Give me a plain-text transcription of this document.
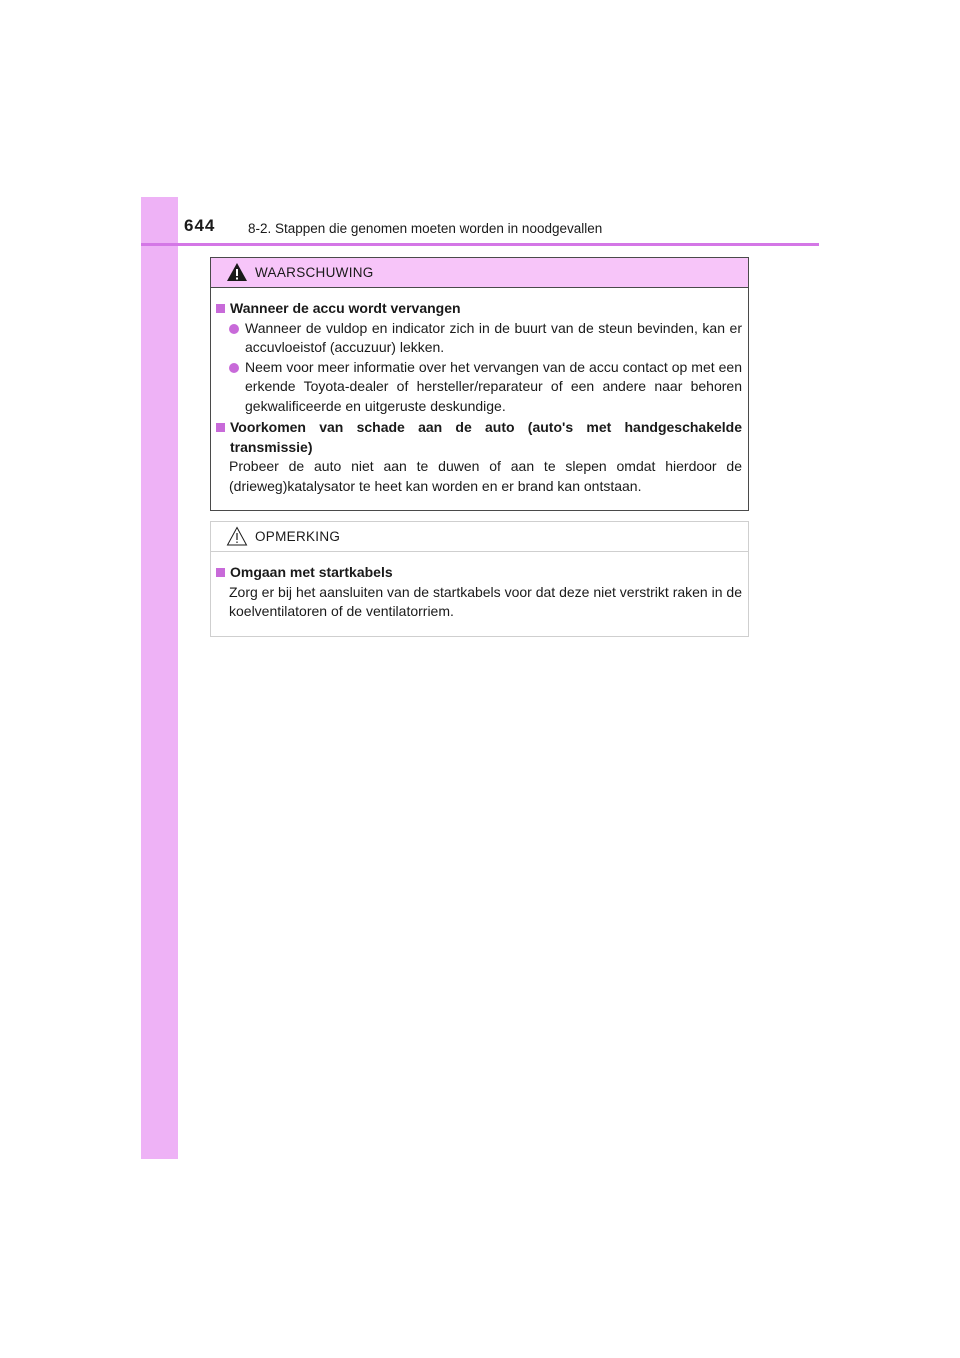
644 8-2. Stappen die genomen moeten worden in noodgevallen
WAARSCHUWING
Wanneer de accu wordt vervangen
Wanneer de vuldop en indicator zich in de buurt van de steun bevinden, kan er accuvloeistof (accuzuur) lekken.
Neem voor meer informatie over het vervangen van de accu contact op met een erkende Toyota-dealer of hersteller/reparateur of een andere naar behoren gekwalificeerde en uitgeruste deskundige.
Voorkomen van schade aan de auto (auto's met handgeschakelde transmissie)
Probeer de auto niet aan te duwen of aan te slepen omdat hierdoor de (drieweg)katalysator te heet kan worden en er brand kan ontstaan.
OPMERKING
Omgaan met startkabels
Zorg er bij het aansluiten van de startkabels voor dat deze niet verstrikt raken in de koelventilatoren of de ventilatorriem.
